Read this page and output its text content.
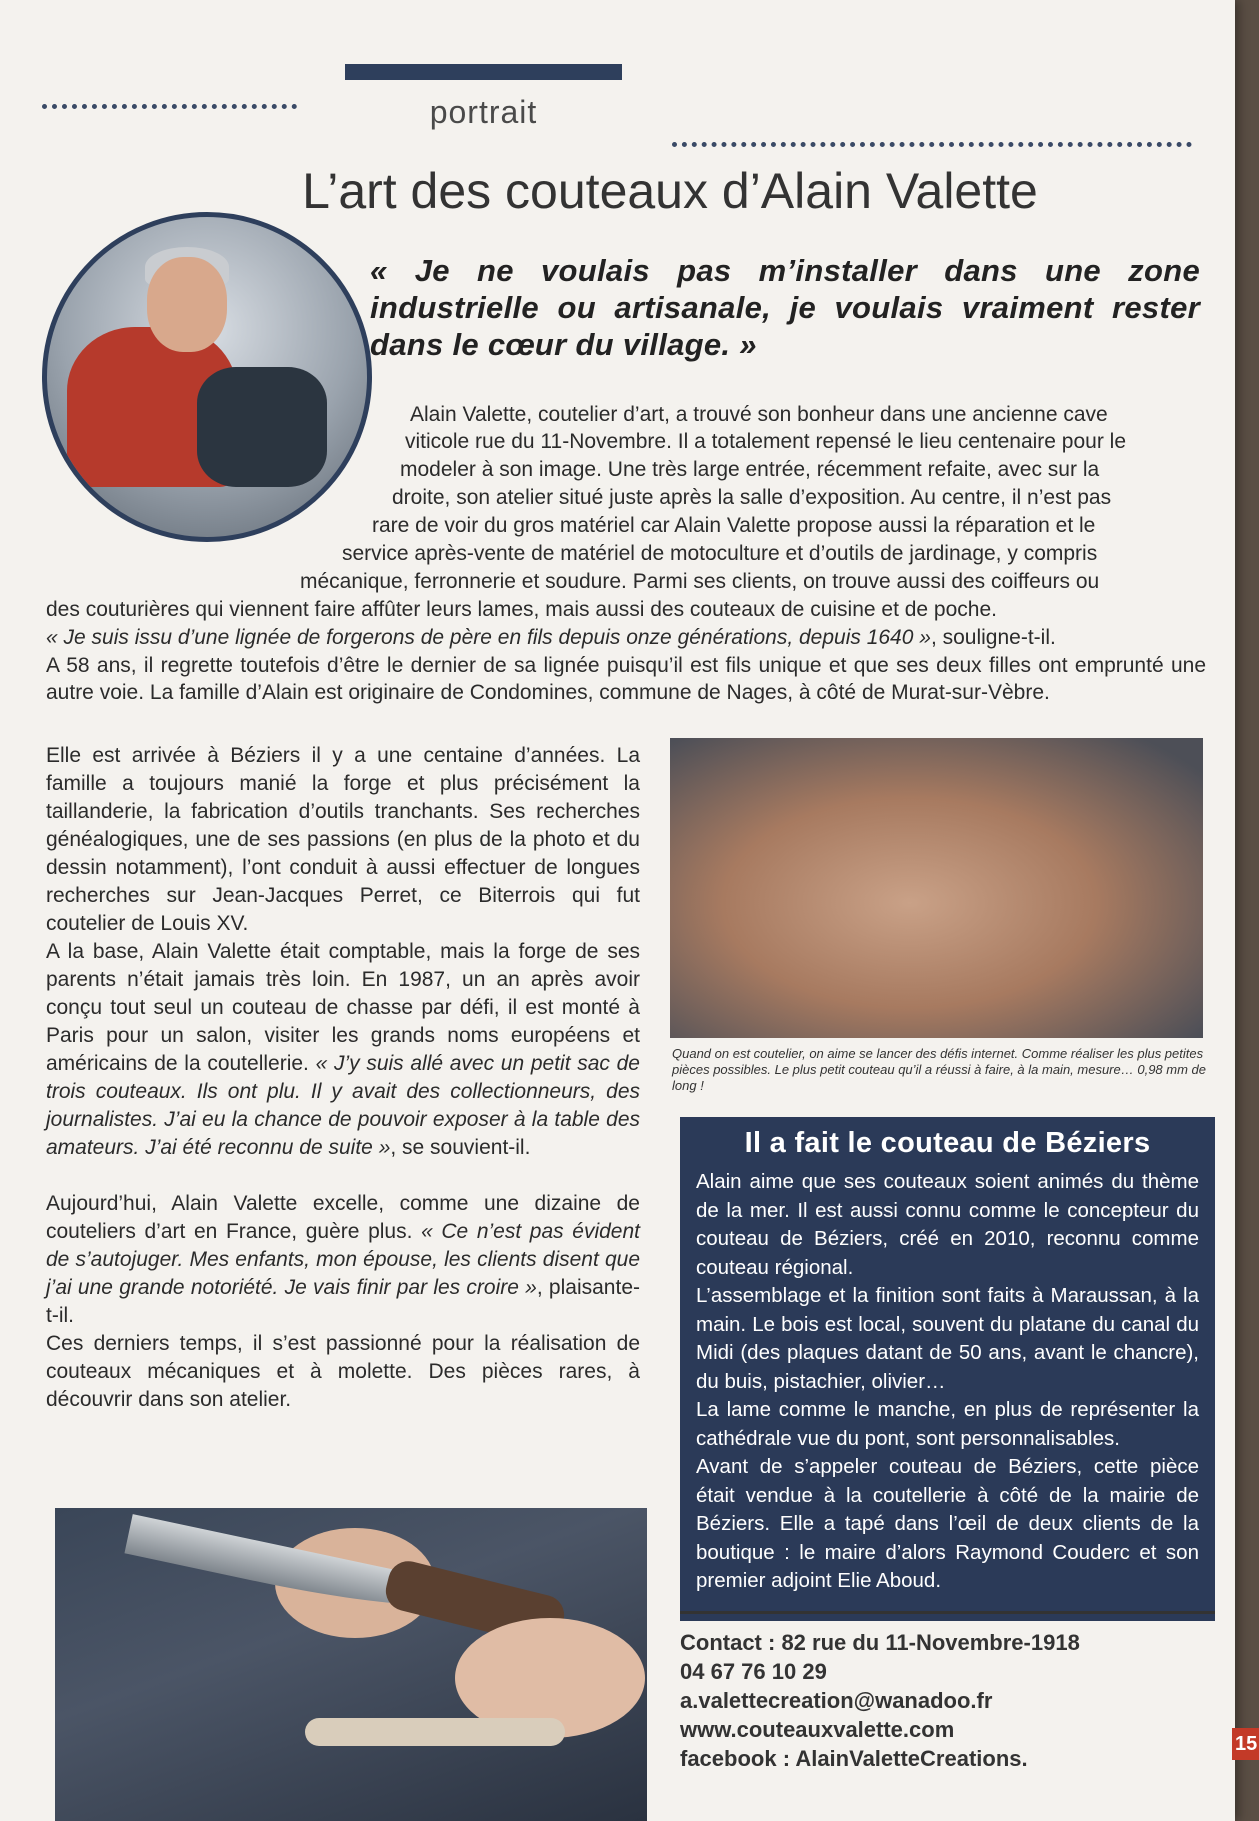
portrait
L’art des couteaux d’Alain Valette
« Je ne voulais pas m’installer dans une zone industrielle ou artisanale, je voulais vraiment rester dans le cœur du village. »
Alain Valette, coutelier d’art, a trouvé son bonheur dans une ancienne cave
viticole rue du 11-Novembre. Il a totalement repensé le lieu centenaire pour le
modeler à son image. Une très large entrée, récemment refaite, avec sur la
droite, son atelier situé juste après la salle d’exposition. Au centre, il n’est pas
rare de voir du gros matériel car Alain Valette propose aussi la réparation et le
service après-vente de matériel de motoculture et d’outils de jardinage, y compris
mécanique, ferronnerie et soudure. Parmi ses clients, on trouve aussi des coiffeurs ou
des couturières qui viennent faire affûter leurs lames, mais aussi des couteaux de cuisine et de poche.
« Je suis issu d’une lignée de forgerons de père en fils depuis onze générations, depuis 1640 », souligne-t-il.
A 58 ans, il regrette toutefois d’être le dernier de sa lignée puisqu’il est fils unique et que ses deux filles ont emprunté une autre voie. La famille d’Alain est originaire de Condomines, commune de Nages, à côté de Murat-sur-Vèbre.

Elle est arrivée à Béziers il y a une centaine d’années. La famille a toujours manié la forge et plus précisément la taillanderie, la fabrication d’outils tranchants. Ses recherches généalogiques, une de ses passions (en plus de la photo et du dessin notamment), l’ont conduit à aussi effectuer de longues recherches sur Jean-Jacques Perret, ce Biterrois qui fut coutelier de Louis XV.

A la base, Alain Valette était comptable, mais la forge de ses parents n’était jamais très loin. En 1987, un an après avoir conçu tout seul un couteau de chasse par défi, il est monté à Paris pour un salon, visiter les grands noms européens et américains de la coutellerie. « J’y suis allé avec un petit sac de trois couteaux. Ils ont plu. Il y avait des collectionneurs, des journalistes. J’ai eu la chance de pouvoir exposer à la table des amateurs. J’ai été reconnu de suite », se souvient-il.

Aujourd’hui, Alain Valette excelle, comme une dizaine de couteliers d’art en France, guère plus. « Ce n’est pas évident de s’autojuger. Mes enfants, mon épouse, les clients disent que j’ai une grande notoriété. Je vais finir par les croire », plaisante-t-il.

Ces derniers temps, il s’est passionné pour la réalisation de couteaux mécaniques et à molette. Des pièces rares, à découvrir dans son atelier.

Quand on est coutelier, on aime se lancer des défis internet. Comme réaliser les plus petites pièces possibles. Le plus petit couteau qu’il a réussi à faire, à la main, mesure… 0,98 mm de long !
Il a fait le couteau de Béziers

Alain aime que ses couteaux soient animés du thème de la mer. Il est aussi connu comme le concepteur du couteau de Béziers, créé en 2010, reconnu comme couteau régional.

L’assemblage et la finition sont faits à Maraussan, à la main. Le bois est local, souvent du platane du canal du Midi (des plaques datant de 50 ans, avant le chancre), du buis, pistachier, olivier…

La lame comme le manche, en plus de représenter la cathédrale vue du pont, sont personnalisables.

Avant de s’appeler couteau de Béziers, cette pièce était vendue à la coutellerie à côté de la mairie de Béziers. Elle a tapé dans l’œil de deux clients de la boutique : le maire d’alors Raymond Couderc et son premier adjoint Elie Aboud.

Contact : 82 rue du 11-Novembre-1918
04 67 76 10 29
a.valettecreation@wanadoo.fr
www.couteauxvalette.com
facebook : AlainValetteCreations.
15
